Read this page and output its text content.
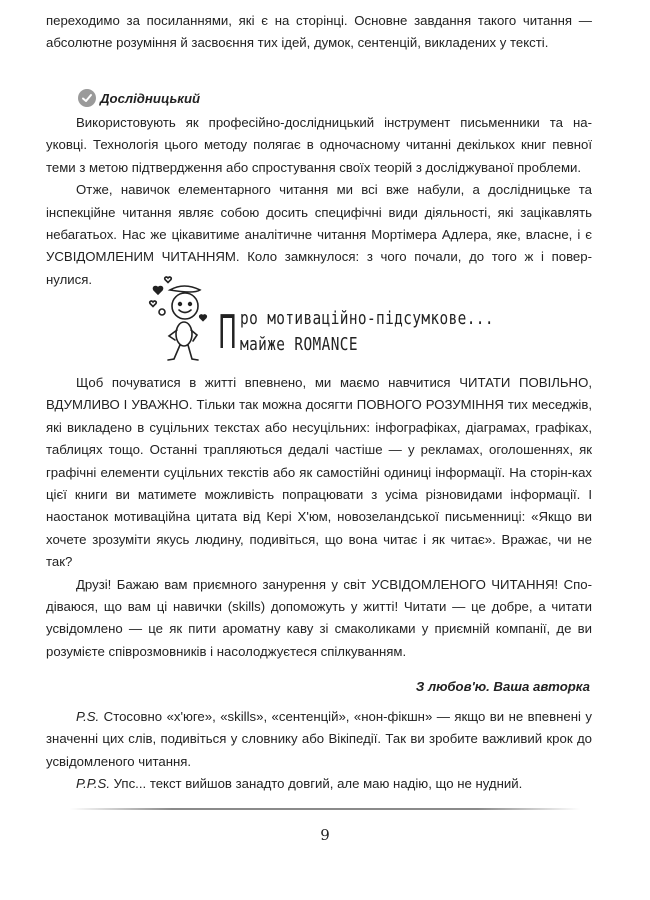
переходимо за посиланнями, які є на сторінці. Основне завдання такого читання —

абсолютне розуміння й засвоєння тих ідей, думок, сентенцій, викладених у тексті.

Дослідницький

Використовують як професійно-дослідницький інструмент письменники та на-уковці. Технологія цього методу полягає в одночасному читанні декількох книг певної теми з метою підтвердження або спростування своїх теорій з досліджуваної проблеми.

Отже, навичок елементарного читання ми всі вже набули, а дослідницьке та інспекційне читання являє собою досить специфічні види діяльності, які зацікавлять небагатьох. Нас же цікавитиме аналітичне читання Мортімера Адлера, яке, власне, і є УСВІДОМЛЕНИМ ЧИТАННЯМ. Коло замкнулося: з чого почали, до того ж і повер-нулися.

П ро мотиваційно-підсумкове...
майже ROMANCE

Щоб почуватися в житті впевнено, ми маємо навчитися ЧИТАТИ ПОВІЛЬНО, ВДУМЛИВО І УВАЖНО. Тільки так можна досягти ПОВНОГО РОЗУМІННЯ тих меседжів, які викладено в суцільних текстах або несуцільних: інфографіках, діаграмах, графіках, таблицях тощо. Останні трапляються дедалі частіше — у рекламах, оголошеннях, як графічні елементи суцільних текстів або як самостійні одиниці інформації. На сторін-ках цієї книги ви матимете можливість попрацювати з усіма різновидами інформації. І наостанок мотиваційна цитата від Кері Х'юм, новозеландської письменниці: «Якщо ви хочете зрозуміти якусь людину, подивіться, що вона читає і як читає». Вражає, чи не так?

Друзі! Бажаю вам приємного занурення у світ УСВІДОМЛЕНОГО ЧИТАННЯ! Спо-діваюся, що вам ці навички (skills) допоможуть у житті! Читати — це добре, а читати усвідомлено — це як пити ароматну каву зі смаколиками у приємній компанії, де ви розумієте співрозмовників і насолоджуєтеся спілкуванням.

З любов'ю. Ваша авторка

P.S. Стосовно «х'юге», «skills», «сентенцій», «нон-фікшн» — якщо ви не впевнені у значенні цих слів, подивіться у словнику або Вікіпедії. Так ви зробите важливий крок до усвідомленого читання.

P.P.S. Упс... текст вийшов занадто довгий, але маю надію, що не нудний.

9
